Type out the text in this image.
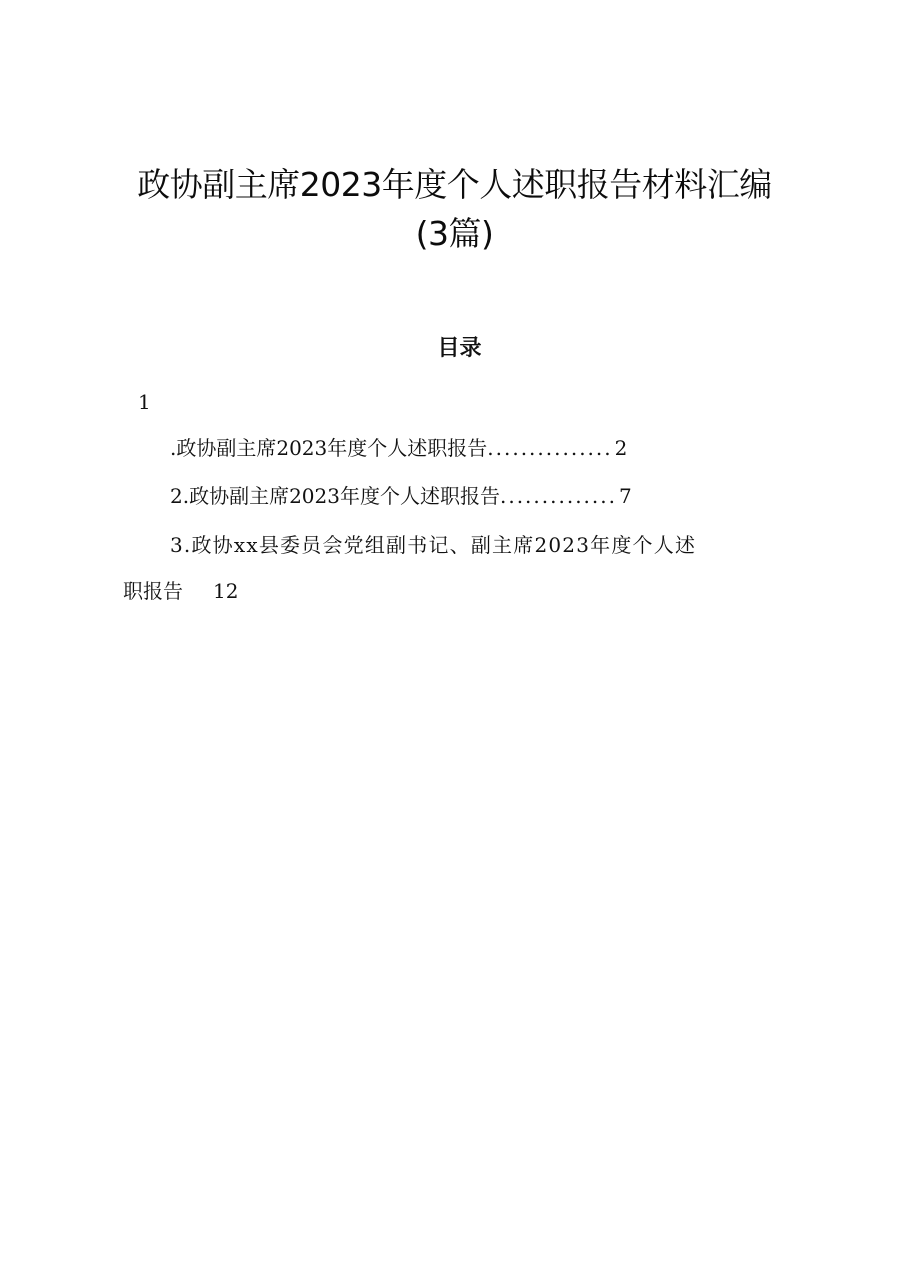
政协副主席2023年度个人述职报告材料汇编
(3篇)
目录
1
.政协副主席2023年度个人述职报告............... 2
2.政协副主席2023年度个人述职报告.............. 7
3.政协xx县委员会党组副书记、副主席2023年度个人述
职报告 12
